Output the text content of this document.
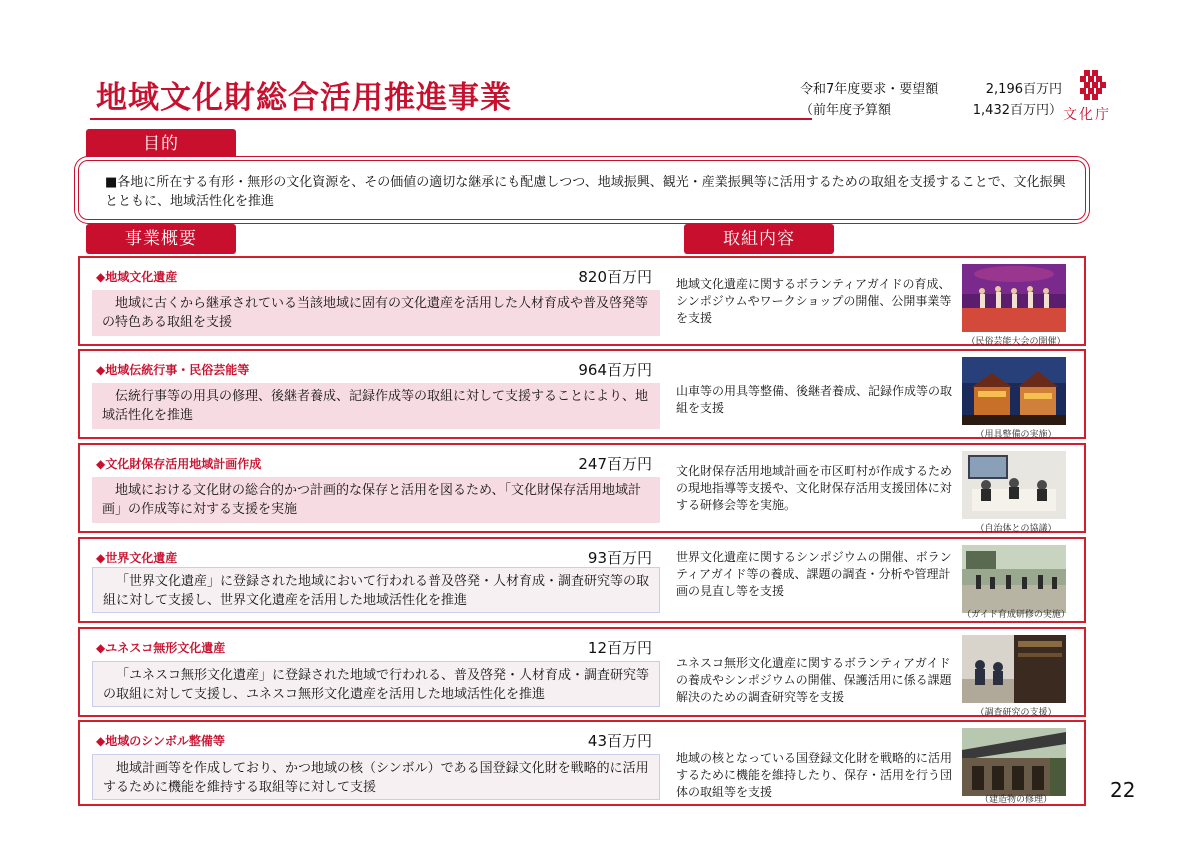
地域文化財総合活用推進事業	令和7年度要求・要望額	2,196百万円
（前年度予算額	1,432百万円） 文化庁
目的
■各地に所在する有形・無形の文化資源を、その価値の適切な継承にも配慮しつつ、地域振興、観光・産業振興等に活用するための取組を支援することで、文化振興とともに、地域活性化を推進
事業概要	取組内容
◆地域文化遺産	820百万円
地域に古くから継承されている当該地域に固有の文化遺産を活用した人材育成や普及啓発等の特色ある取組を支援
地域文化遺産に関するボランティアガイドの育成、シンポジウムやワークショップの開催、公開事業等を支援
（民俗芸能大会の開催）
◆地域伝統行事・民俗芸能等	964百万円
伝統行事等の用具の修理、後継者養成、記録作成等の取組に対して支援することにより、地域活性化を推進
山車等の用具等整備、後継者養成、記録作成等の取組を支援
（用具整備の実施）
◆文化財保存活用地域計画作成	247百万円
地域における文化財の総合的かつ計画的な保存と活用を図るため、「文化財保存活用地域計画」の作成等に対する支援を実施
文化財保存活用地域計画を市区町村が作成するための現地指導等支援や、文化財保存活用支援団体に対する研修会等を実施。
（自治体との協議）
◆世界文化遺産	93百万円
「世界文化遺産」に登録された地域において行われる普及啓発・人材育成・調査研究等の取組に対して支援し、世界文化遺産を活用した地域活性化を推進
世界文化遺産に関するシンポジウムの開催、ボランティアガイド等の養成、課題の調査・分析や管理計画の見直し等を支援
（ガイド育成研修の実施）
◆ユネスコ無形文化遺産	12百万円
「ユネスコ無形文化遺産」に登録された地域で行われる、普及啓発・人材育成・調査研究等の取組に対して支援し、ユネスコ無形文化遺産を活用した地域活性化を推進
ユネスコ無形文化遺産に関するボランティアガイドの養成やシンポジウムの開催、保護活用に係る課題解決のための調査研究等を支援
（調査研究の支援）
◆地域のシンボル整備等	43百万円
地域計画等を作成しており、かつ地域の核（シンボル）である国登録文化財を戦略的に活用するために機能を維持する取組等に対して支援
地域の核となっている国登録文化財を戦略的に活用するために機能を維持したり、保存・活用を行う団体の取組等を支援
（建造物の修理）	22
